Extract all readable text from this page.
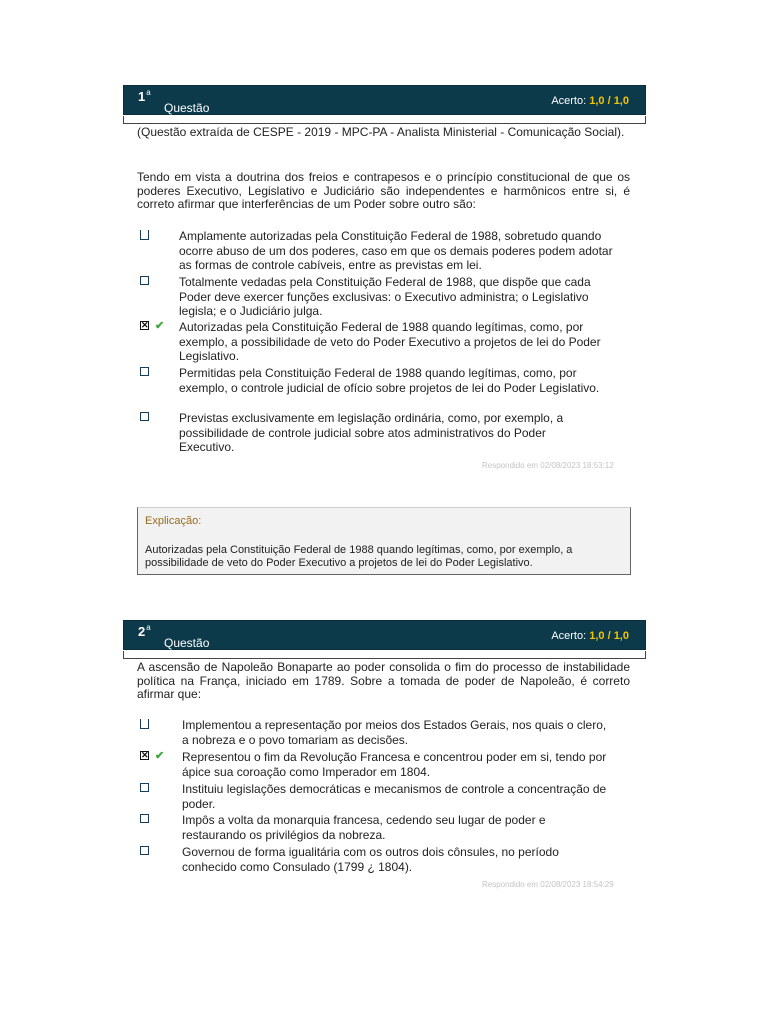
1$^a$
Questão	Acerto: 1,0 / 1,0
(Questão extraída de CESPE - 2019 - MPC-PA - Analista Ministerial - Comunicação Social).
Tendo em vista a doutrina dos freios e contrapesos e o princípio constitucional de que os poderes Executivo, Legislativo e Judiciário são independentes e harmônicos entre si, é correto afirmar que interferências de um Poder sobre outro são:
Amplamente autorizadas pela Constituição Federal de 1988, sobretudo quando ocorre abuso de um dos poderes, caso em que os demais poderes podem adotar as formas de controle cabíveis, entre as previstas em lei.
Totalmente vedadas pela Constituição Federal de 1988, que dispõe que cada Poder deve exercer funções exclusivas: o Executivo administra; o Legislativo legisla; e o Judiciário julga.
✕ ✔ Autorizadas pela Constituição Federal de 1988 quando legítimas, como, por exemplo, a possibilidade de veto do Poder Executivo a projetos de lei do Poder Legislativo.
Permitidas pela Constituição Federal de 1988 quando legítimas, como, por exemplo, o controle judicial de ofício sobre projetos de lei do Poder Legislativo.
Previstas exclusivamente em legislação ordinária, como, por exemplo, a possibilidade de controle judicial sobre atos administrativos do Poder Executivo.
Respondido em 02/08/2023 18:53:12
Explicação:
Autorizadas pela Constituição Federal de 1988 quando legítimas, como, por exemplo, a possibilidade de veto do Poder Executivo a projetos de lei do Poder Legislativo.
2$^a$
Questão	Acerto: 1,0 / 1,0
A ascensão de Napoleão Bonaparte ao poder consolida o fim do processo de instabilidade política na França, iniciado em 1789. Sobre a tomada de poder de Napoleão, é correto afirmar que:
Implementou a representação por meios dos Estados Gerais, nos quais o clero, a nobreza e o povo tomariam as decisões.
✕ ✔ Representou o fim da Revolução Francesa e concentrou poder em si, tendo por ápice sua coroação como Imperador em 1804.
Instituiu legislações democráticas e mecanismos de controle a concentração de poder.
Impôs a volta da monarquia francesa, cedendo seu lugar de poder e restaurando os privilégios da nobreza.
Governou de forma igualitária com os outros dois cônsules, no período conhecido como Consulado (1799 ¿ 1804).
Respondido em 02/08/2023 18:54:29
